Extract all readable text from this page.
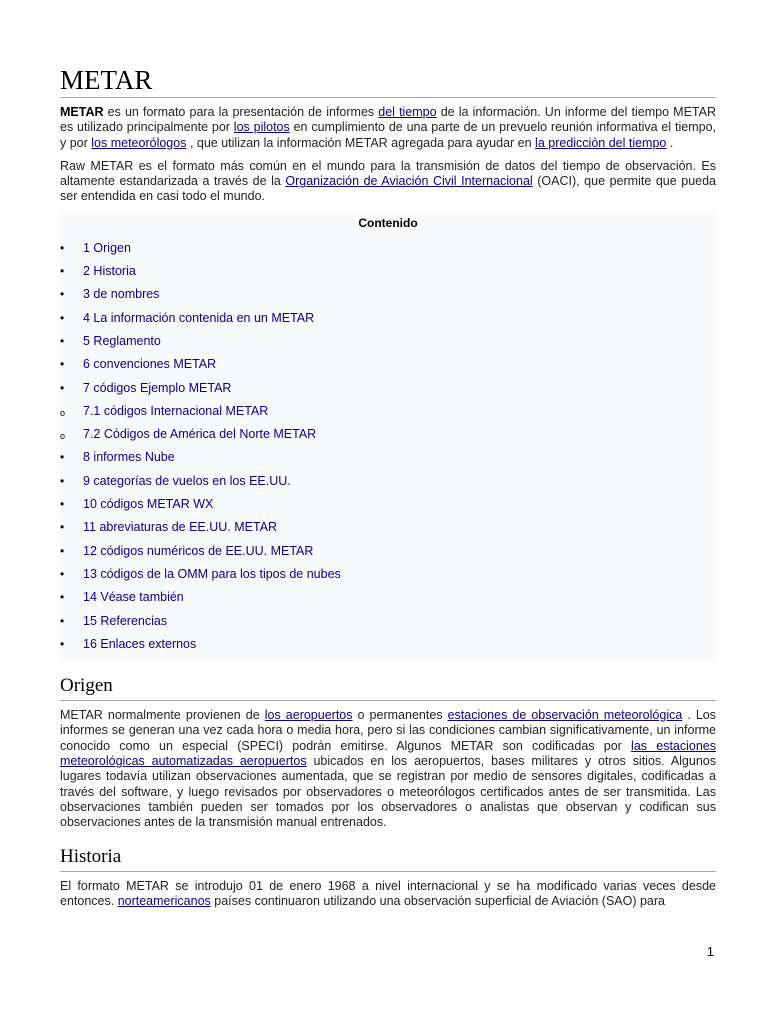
METAR

METAR es un formato para la presentación de informes del tiempo de la información. Un informe del tiempo METAR es utilizado principalmente por los pilotos en cumplimiento de una parte de un prevuelo reunión informativa el tiempo, y por los meteorólogos , que utilizan la información METAR agregada para ayudar en la predicción del tiempo .

Raw METAR es el formato más común en el mundo para la transmisión de datos del tiempo de observación. Es altamente estandarizada a través de la Organización de Aviación Civil Internacional (OACI), que permite que pueda ser entendida en casi todo el mundo.

Contenido
•	1 Origen
•	2 Historia
•	3 de nombres
•	4 La información contenida en un METAR
•	5 Reglamento
•	6 convenciones METAR
•	7 códigos Ejemplo METAR
o	7.1 códigos Internacional METAR
o	7.2 Códigos de América del Norte METAR
•	8 informes Nube
•	9 categorías de vuelos en los EE.UU.
•	10 códigos METAR WX
•	11 abreviaturas de EE.UU. METAR
•	12 códigos numéricos de EE.UU. METAR
•	13 códigos de la OMM para los tipos de nubes
•	14 Véase también
•	15 Referencias
•	16 Enlaces externos
Origen

METAR normalmente provienen de los aeropuertos o permanentes estaciones de observación meteorológica . Los informes se generan una vez cada hora o media hora, pero si las condiciones cambian significativamente, un informe conocido como un especial (SPECI) podrán emitirse. Algunos METAR son codificadas por las estaciones meteorológicas automatizadas aeropuertos ubicados en los aeropuertos, bases militares y otros sitios. Algunos lugares todavía utilizan observaciones aumentada, que se registran por medio de sensores digitales, codificadas a través del software, y luego revisados por observadores o meteorólogos certificados antes de ser transmitida. Las observaciones también pueden ser tomados por los observadores o analistas que observan y codifican sus observaciones antes de la transmisión manual entrenados.

Historia

El formato METAR se introdujo 01 de enero 1968 a nivel internacional y se ha modificado varias veces desde entonces. norteamericanos países continuaron utilizando una observación superficial de Aviación (SAO) para

1
